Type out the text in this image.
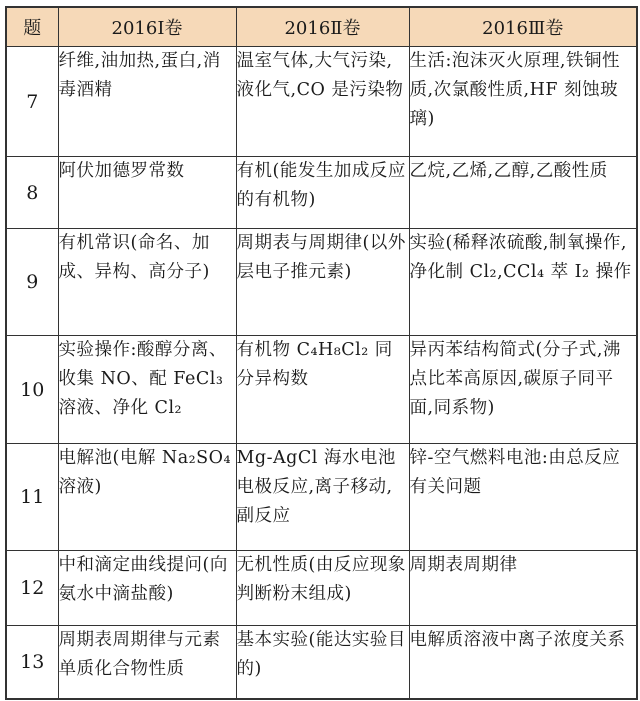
题	2016Ⅰ卷	2016Ⅱ卷	2016Ⅲ卷
7	纤维,油加热,蛋白,消毒酒精	温室气体,大气污染,液化气,CO 是污染物	生活:泡沫灭火原理,铁铜性质,次氯酸性质,HF 刻蚀玻璃)
8	阿伏加德罗常数	有机(能发生加成反应的有机物)	乙烷,乙烯,乙醇,乙酸性质
9	有机常识(命名、加成、异构、高分子)	周期表与周期律(以外层电子推元素)	实验(稀释浓硫酸,制氧操作,净化制 Cl₂,CCl₄ 萃 I₂ 操作
10	实验操作:酸醇分离、收集 NO、配 FeCl₃ 溶液、净化 Cl₂	有机物 C₄H₈Cl₂ 同分异构数	异丙苯结构简式(分子式,沸点比苯高原因,碳原子同平面,同系物)
11	电解池(电解 Na₂SO₄溶液)	Mg-AgCl 海水电池电极反应,离子移动,副反应	锌-空气燃料电池:由总反应有关问题
12	中和滴定曲线提问(向氨水中滴盐酸)	无机性质(由反应现象判断粉末组成)	周期表周期律
13	周期表周期律与元素单质化合物性质	基本实验(能达实验目的)	电解质溶液中离子浓度关系
